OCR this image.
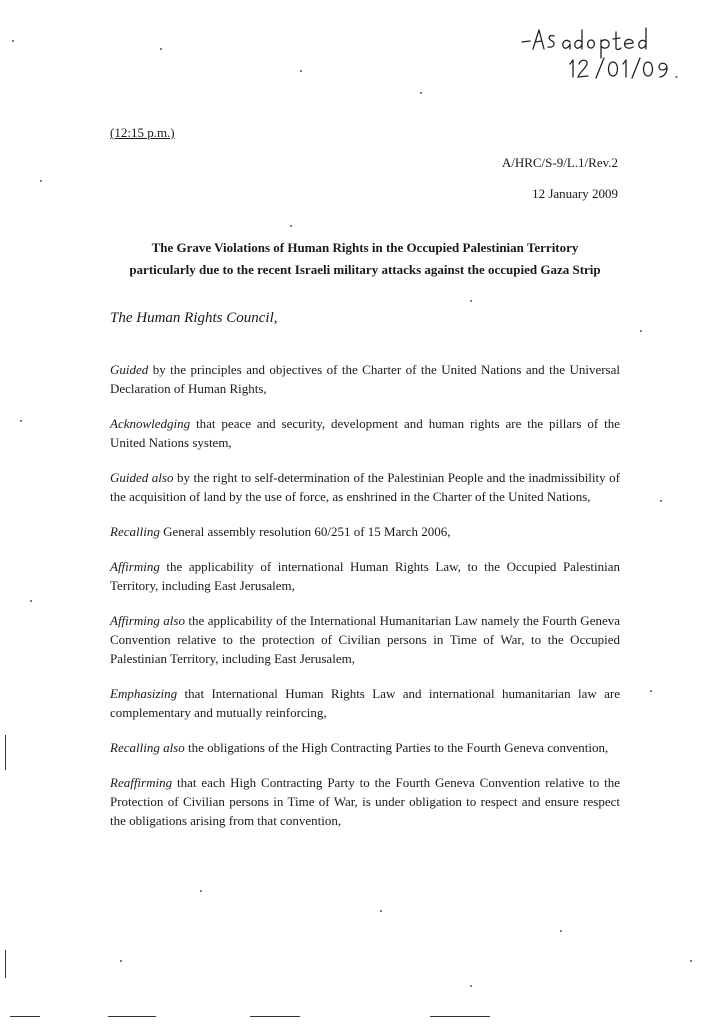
(12:15 p.m.)
A/HRC/S-9/L.1/Rev.2
12 January 2009
The Grave Violations of Human Rights in the Occupied Palestinian Territory
particularly due to the recent Israeli military attacks against the occupied Gaza Strip
The Human Rights Council,

Guided by the principles and objectives of the Charter of the United Nations and the Universal Declaration of Human Rights,

Acknowledging that peace and security, development and human rights are the pillars of the United Nations system,

Guided also by the right to self-determination of the Palestinian People and the inadmissibility of the acquisition of land by the use of force, as enshrined in the Charter of the United Nations,

Recalling General assembly resolution 60/251 of 15 March 2006,

Affirming the applicability of international Human Rights Law, to the Occupied Palestinian Territory, including East Jerusalem,

Affirming also the applicability of the International Humanitarian Law namely the Fourth Geneva Convention relative to the protection of Civilian persons in Time of War, to the Occupied Palestinian Territory, including East Jerusalem,

Emphasizing that International Human Rights Law and international humanitarian law are complementary and mutually reinforcing,

Recalling also the obligations of the High Contracting Parties to the Fourth Geneva convention,

Reaffirming that each High Contracting Party to the Fourth Geneva Convention relative to the Protection of Civilian persons in Time of War, is under obligation to respect and ensure respect the obligations arising from that convention,
